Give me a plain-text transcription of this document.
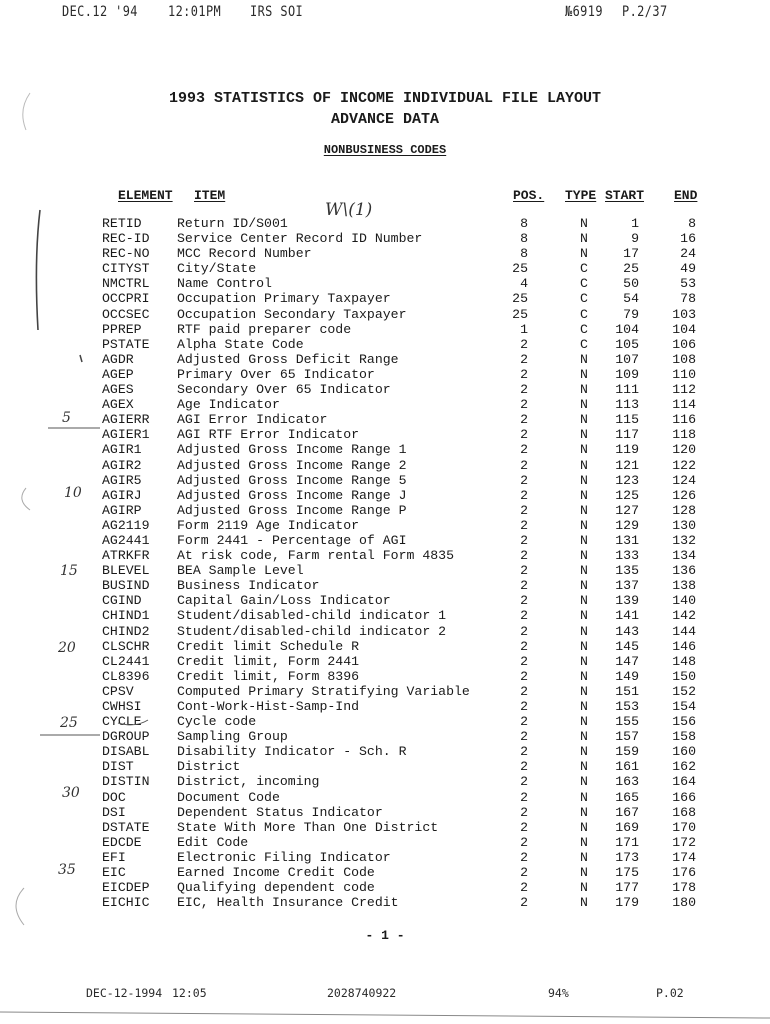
DEC.12 '94 12:01PM IRS SOI	№6919 P.2/37
1993 STATISTICS OF INCOME INDIVIDUAL FILE LAYOUT
ADVANCE DATA
NONBUSINESS CODES
ELEMENT ITEM	POS. TYPE START END
RETID	Return ID/S001	8	N	1	8
REC-ID Service Center Record ID Number	8	N	9	16
REC-NO MCC Record Number	8	N	17	24
CITYST City/State	25	C	25	49
NMCTRL Name Control	4	C	50	53
OCCPRI Occupation Primary Taxpayer	25	C	54	78
OCCSEC Occupation Secondary Taxpayer	25	C	79	103
PPREP	RTF paid preparer code	1	C	104	104
PSTATE Alpha State Code	2	C	105	106
AGDR	Adjusted Gross Deficit Range	2	N	107	108
AGEP	Primary Over 65 Indicator	2	N	109	110
AGES	Secondary Over 65 Indicator	2	N	111	112
AGEX	Age Indicator	2	N	113	114
AGIERR AGI Error Indicator	2	N	115	116
AGIER1 AGI RTF Error Indicator	2	N	117	118
AGIR1	Adjusted Gross Income Range 1	2	N	119	120
AGIR2	Adjusted Gross Income Range 2	2	N	121	122
AGIR5	Adjusted Gross Income Range 5	2	N	123	124
AGIRJ	Adjusted Gross Income Range J	2	N	125	126
AGIRP	Adjusted Gross Income Range P	2	N	127	128
AG2119 Form 2119 Age Indicator	2	N	129	130
AG2441 Form 2441 - Percentage of AGI	2	N	131	132
ATRKFR At risk code, Farm rental Form 4835	2	N	133	134
BLEVEL BEA Sample Level	2	N	135	136
BUSIND Business Indicator	2	N	137	138
CGIND	Capital Gain/Loss Indicator	2	N	139	140
CHIND1 Student/disabled-child indicator 1	2	N	141	142
CHIND2 Student/disabled-child indicator 2	2	N	143	144
CLSCHR Credit limit Schedule R	2	N	145	146
CL2441 Credit limit, Form 2441	2	N	147	148
CL8396 Credit limit, Form 8396	2	N	149	150
CPSV	Computed Primary Stratifying Variable	2	N	151	152
CWHSI	Cont-Work-Hist-Samp-Ind	2	N	153	154
CYCLE	Cycle code	2	N	155	156
DGROUP Sampling Group	2	N	157	158
DISABL Disability Indicator - Sch. R	2	N	159	160
DIST	District	2	N	161	162
DISTIN District, incoming	2	N	163	164
DOC	Document Code	2	N	165	166
DSI	Dependent Status Indicator	2	N	167	168
DSTATE State With More Than One District	2	N	169	170
EDCDE	Edit Code	2	N	171	172
EFI	Electronic Filing Indicator	2	N	173	174
EIC	Earned Income Credit Code	2	N	175	176
EICDEP Qualifying dependent code	2	N	177	178
EICHIC EIC, Health Insurance Credit	2	N	179	180
- 1 -
W\(1)
5
10
15
20
25
30
35
DEC-12-1994 12:05	2028740922	94%	P.02
